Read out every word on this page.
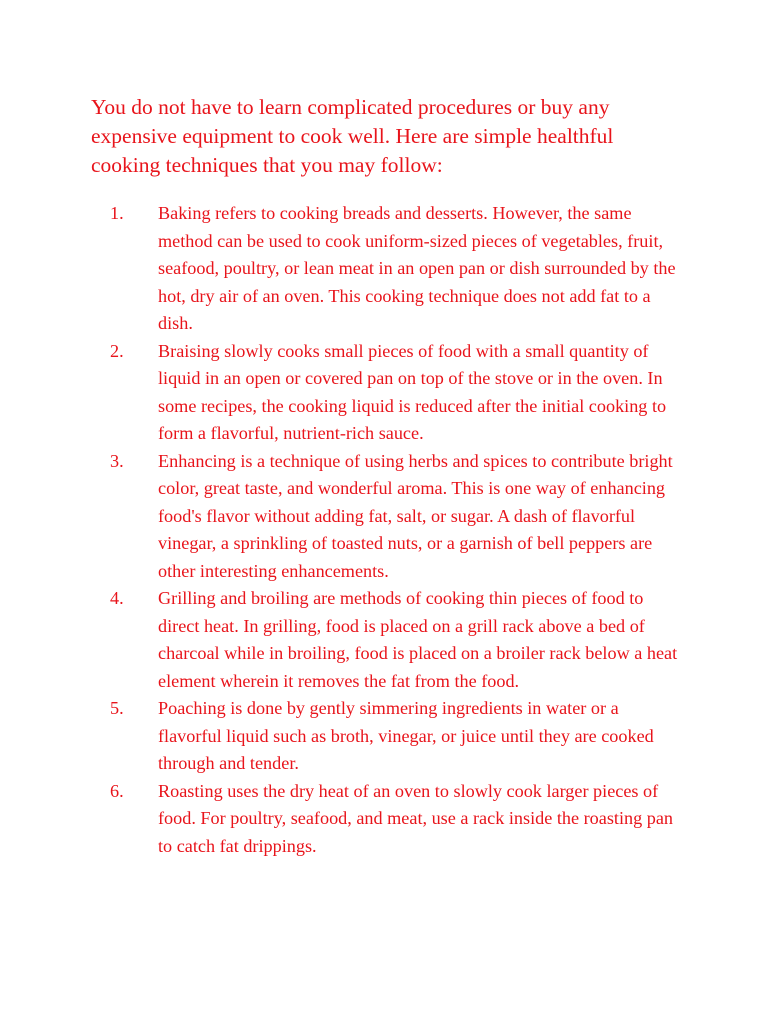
You do not have to learn complicated procedures or buy any expensive equipment to cook well. Here are simple healthful cooking techniques that you may follow:

1.	Baking refers to cooking breads and desserts. However, the same method can be used to cook uniform-sized pieces of vegetables, fruit, seafood, poultry, or lean meat in an open pan or dish surrounded by the hot, dry air of an oven. This cooking technique does not add fat to a dish.
2.	Braising slowly cooks small pieces of food with a small quantity of liquid in an open or covered pan on top of the stove or in the oven. In some recipes, the cooking liquid is reduced after the initial cooking to form a flavorful, nutrient-rich sauce.
3.	Enhancing is a technique of using herbs and spices to contribute bright color, great taste, and wonderful aroma. This is one way of enhancing food's flavor without adding fat, salt, or sugar. A dash of flavorful vinegar, a sprinkling of toasted nuts, or a garnish of bell peppers are other interesting enhancements.
4.	Grilling and broiling are methods of cooking thin pieces of food to direct heat. In grilling, food is placed on a grill rack above a bed of charcoal while in broiling, food is placed on a broiler rack below a heat element wherein it removes the fat from the food.
5.	Poaching is done by gently simmering ingredients in water or a flavorful liquid such as broth, vinegar, or juice until they are cooked through and tender.
6.	Roasting uses the dry heat of an oven to slowly cook larger pieces of food. For poultry, seafood, and meat, use a rack inside the roasting pan to catch fat drippings.
